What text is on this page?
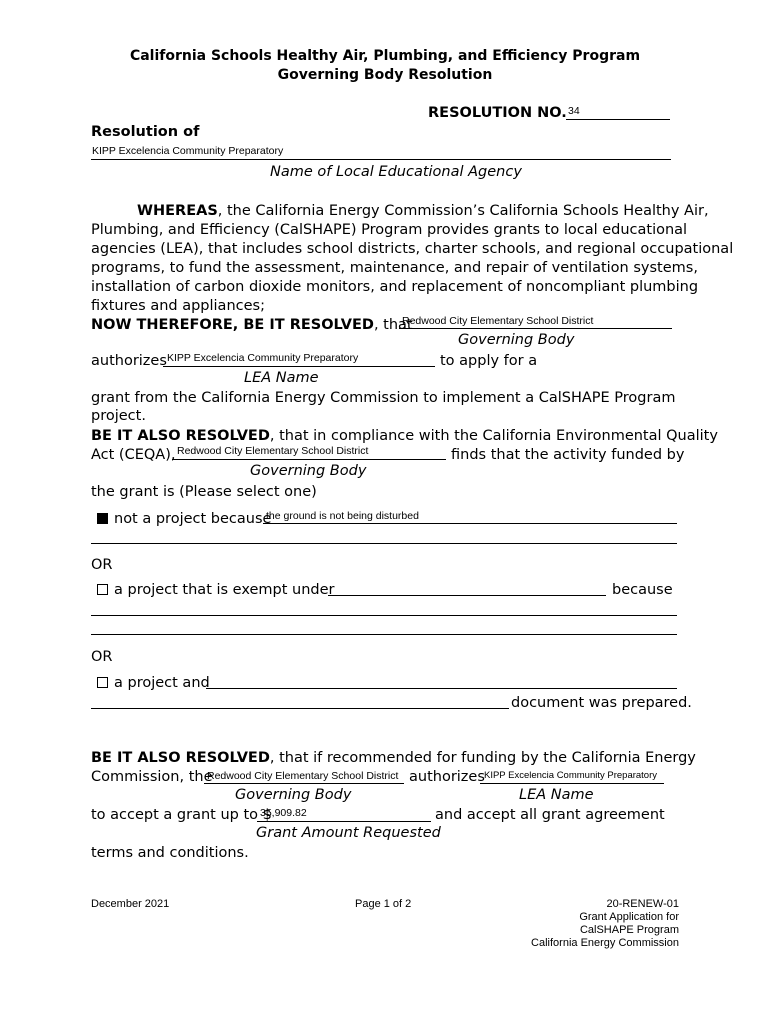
California Schools Healthy Air, Plumbing, and Efficiency Program
Governing Body Resolution
RESOLUTION NO. 34
Resolution of
KIPP Excelencia Community Preparatory
Name of Local Educational Agency
WHEREAS, the California Energy Commission’s California Schools Healthy Air,
Plumbing, and Efficiency (CalSHAPE) Program provides grants to local educational
agencies (LEA), that includes school districts, charter schools, and regional occupational
programs, to fund the assessment, maintenance, and repair of ventilation systems,
installation of carbon dioxide monitors, and replacement of noncompliant plumbing
fixtures and appliances;
NOW THEREFORE, BE IT RESOLVED, that
Redwood City Elementary School District
Governing Body
authorizes KIPP Excelencia Community Preparatory	to apply for a
LEA Name
grant from the California Energy Commission to implement a CalSHAPE Program
project.
BE IT ALSO RESOLVED, that in compliance with the California Environmental Quality
Act (CEQA), Redwood City Elementary School District	finds that the activity funded by
Governing Body
the grant is (Please select one)
not a project because
the ground is not being disturbed
OR
a project that is exempt under	because
OR
a project and
document was prepared.
BE IT ALSO RESOLVED, that if recommended for funding by the California Energy
Commission, the
Redwood City Elementary School District authorizes KIPP Excelencia Community Preparatory
Governing Body	LEA Name
to accept a grant up to $
35,909.82	and accept all grant agreement
Grant Amount Requested
terms and conditions.
December 2021	Page 1 of 2	20-RENEW-01
Grant Application for
CalSHAPE Program
California Energy Commission
